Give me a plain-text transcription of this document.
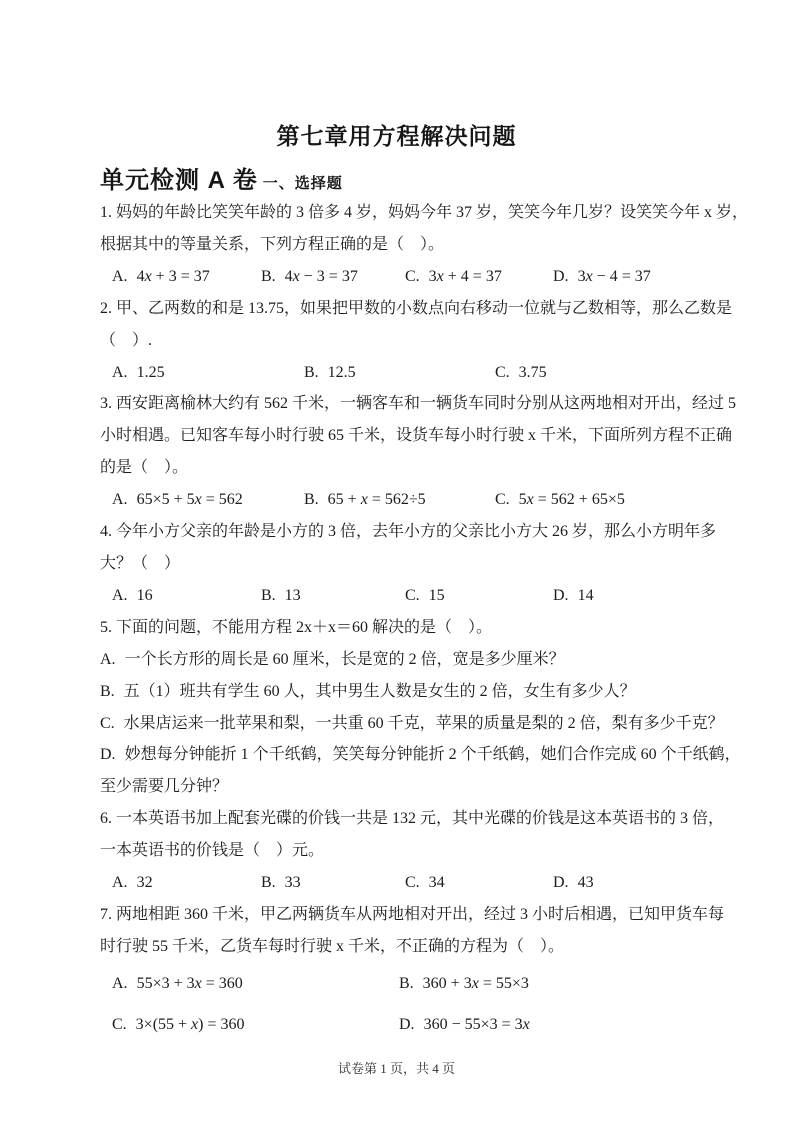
第七章用方程解决问题
单元检测 A 卷 一、选择题
1. 妈妈的年龄比笑笑年龄的 3 倍多 4 岁，妈妈今年 37 岁，笑笑今年几岁？设笑笑今年 x 岁，
根据其中的等量关系，下列方程正确的是（　）。
A. 4x + 3 = 37	B. 4x − 3 = 37	C. 3x + 4 = 37	D. 3x − 4 = 37
2. 甲、乙两数的和是 13.75，如果把甲数的小数点向右移动一位就与乙数相等，那么乙数是
（　）.
A. 1.25	B. 12.5	C. 3.75
3. 西安距离榆林大约有 562 千米，一辆客车和一辆货车同时分别从这两地相对开出，经过 5
小时相遇。已知客车每小时行驶 65 千米，设货车每小时行驶 x 千米，下面所列方程不正确
的是（　）。
A. 65×5 + 5x = 562	B. 65 + x = 562÷5	C. 5x = 562 + 65×5
4. 今年小方父亲的年龄是小方的 3 倍，去年小方的父亲比小方大 26 岁，那么小方明年多
大？（　）
A. 16	B. 13	C. 15	D. 14
5. 下面的问题，不能用方程 2x＋x＝60 解决的是（　）。
A. 一个长方形的周长是 60 厘米，长是宽的 2 倍，宽是多少厘米？
B. 五（1）班共有学生 60 人，其中男生人数是女生的 2 倍，女生有多少人？
C. 水果店运来一批苹果和梨，一共重 60 千克，苹果的质量是梨的 2 倍，梨有多少千克？
D. 妙想每分钟能折 1 个千纸鹤，笑笑每分钟能折 2 个千纸鹤，她们合作完成 60 个千纸鹤，
至少需要几分钟？
6. 一本英语书加上配套光碟的价钱一共是 132 元，其中光碟的价钱是这本英语书的 3 倍，
一本英语书的价钱是（　）元。
A. 32	B. 33	C. 34	D. 43
7. 两地相距 360 千米，甲乙两辆货车从两地相对开出，经过 3 小时后相遇，已知甲货车每
时行驶 55 千米，乙货车每时行驶 x 千米，不正确的方程为（　）。
A. 55×3 + 3x = 360	B. 360 + 3x = 55×3
C. 3×(55 + x) = 360	D. 360 − 55×3 = 3x
试卷第 1 页，共 4 页
